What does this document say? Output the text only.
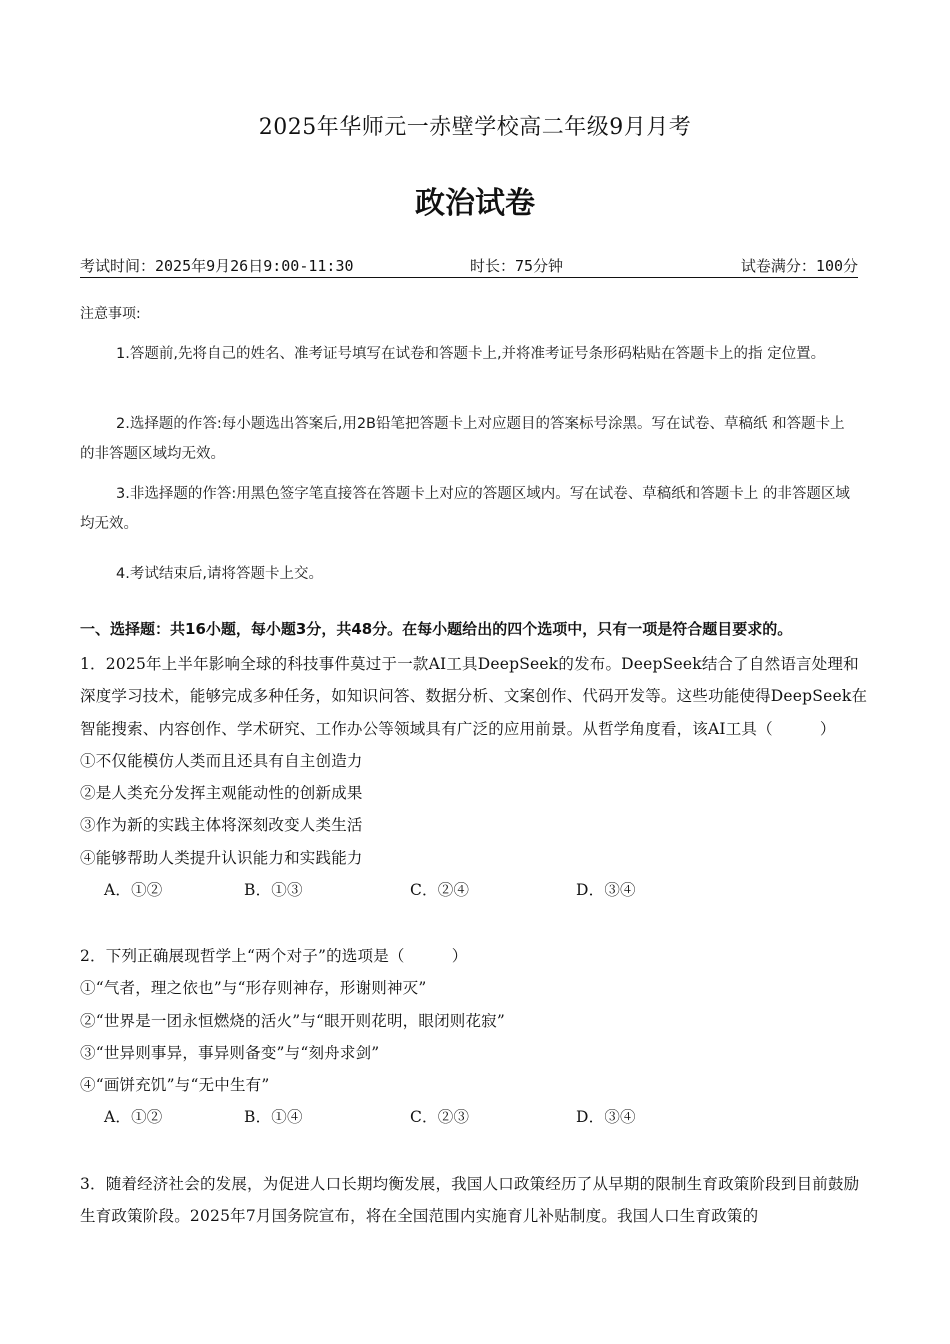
2025年华师元一赤壁学校高二年级9月月考
政治试卷
考试时间：2025年9月26日9:00-11:30	时长：75分钟	试卷满分：100分
注意事项:
1.答题前,先将自己的姓名、准考证号填写在试卷和答题卡上,并将准考证号条形码粘贴在答题卡上的指 定位置。
2.选择题的作答:每小题选出答案后,用2B铅笔把答题卡上对应题目的答案标号涂黑。写在试卷、草稿纸 和答题卡上的非答题区域均无效。
3.非选择题的作答:用黑色签字笔直接答在答题卡上对应的答题区域内。写在试卷、草稿纸和答题卡上 的非答题区域均无效。
4.考试结束后,请将答题卡上交。
一、选择题：共16小题，每小题3分，共48分。在每小题给出的四个选项中，只有一项是符合题目要求的。
1．2025年上半年影响全球的科技事件莫过于一款AI工具DeepSeek的发布。DeepSeek结合了自然语言处理和深度学习技术，能够完成多种任务，如知识问答、数据分析、文案创作、代码开发等。这些功能使得DeepSeek在智能搜索、内容创作、学术研究、工作办公等领域具有广泛的应用前景。从哲学角度看，该AI工具（　　　）
①不仅能模仿人类而且还具有自主创造力
②是人类充分发挥主观能动性的创新成果
③作为新的实践主体将深刻改变人类生活
④能够帮助人类提升认识能力和实践能力
A．①②	B．①③	C．②④	D．③④
2．下列正确展现哲学上“两个对子”的选项是（　　　）
①“气者，理之依也”与“形存则神存，形谢则神灭”
②“世界是一团永恒燃烧的活火”与“眼开则花明，眼闭则花寂”
③“世异则事异，事异则备变”与“刻舟求剑”
④“画饼充饥”与“无中生有”
A．①②	B．①④	C．②③	D．③④
3．随着经济社会的发展，为促进人口长期均衡发展，我国人口政策经历了从早期的限制生育政策阶段到目前鼓励生育政策阶段。2025年7月国务院宣布，将在全国范围内实施育儿补贴制度。我国人口生育政策的
